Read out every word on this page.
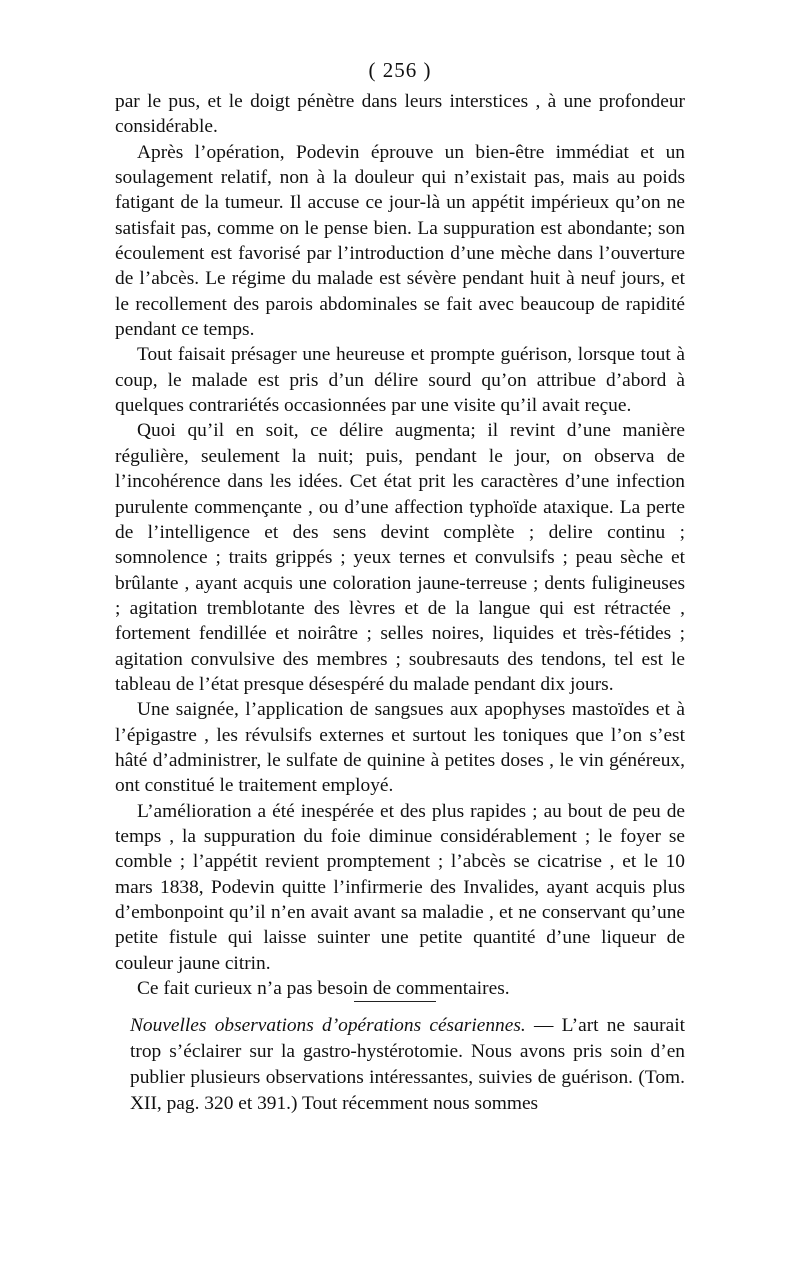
( 256 )

par le pus, et le doigt pénètre dans leurs interstices , à une profondeur considérable.

Après l’opération, Podevin éprouve un bien-être immédiat et un soulagement relatif, non à la douleur qui n’existait pas, mais au poids fatigant de la tumeur. Il accuse ce jour-là un appétit impérieux qu’on ne satisfait pas, comme on le pense bien. La suppuration est abondante; son écoulement est favorisé par l’introduction d’une mèche dans l’ouverture de l’abcès. Le régime du malade est sévère pendant huit à neuf jours, et le recollement des parois abdominales se fait avec beaucoup de rapidité pendant ce temps.

Tout faisait présager une heureuse et prompte guérison, lorsque tout à coup, le malade est pris d’un délire sourd qu’on attribue d’abord à quelques contrariétés occasionnées par une visite qu’il avait reçue.

Quoi qu’il en soit, ce délire augmenta; il revint d’une manière régulière, seulement la nuit; puis, pendant le jour, on observa de l’incohérence dans les idées. Cet état prit les caractères d’une infection purulente commençante , ou d’une affection typhoïde ataxique. La perte de l’intelligence et des sens devint complète ; delire continu ; somnolence ; traits grippés ; yeux ternes et convulsifs ; peau sèche et brûlante , ayant acquis une coloration jaune-terreuse ; dents fuligineuses ; agitation tremblotante des lèvres et de la langue qui est rétractée , fortement fendillée et noirâtre ; selles noires, liquides et très-fétides ; agitation convulsive des membres ; soubresauts des tendons, tel est le tableau de l’état presque désespéré du malade pendant dix jours.

Une saignée, l’application de sangsues aux apophyses mastoïdes et à l’épigastre , les révulsifs externes et surtout les toniques que l’on s’est hâté d’administrer, le sulfate de quinine à petites doses , le vin généreux, ont constitué le traitement employé.

L’amélioration a été inespérée et des plus rapides ; au bout de peu de temps , la suppuration du foie diminue considérablement ; le foyer se comble ; l’appétit revient promptement ; l’abcès se cicatrise , et le 10 mars 1838, Podevin quitte l’infirmerie des Invalides, ayant acquis plus d’embonpoint qu’il n’en avait avant sa maladie , et ne conservant qu’une petite fistule qui laisse suinter une petite quantité d’une liqueur de couleur jaune citrin.

Ce fait curieux n’a pas besoin de commentaires.

Nouvelles observations d’opérations césariennes. — L’art ne saurait trop s’éclairer sur la gastro-hystérotomie. Nous avons pris soin d’en publier plusieurs observations intéressantes, suivies de guérison. (Tom. XII, pag. 320 et 391.) Tout récemment nous sommes
